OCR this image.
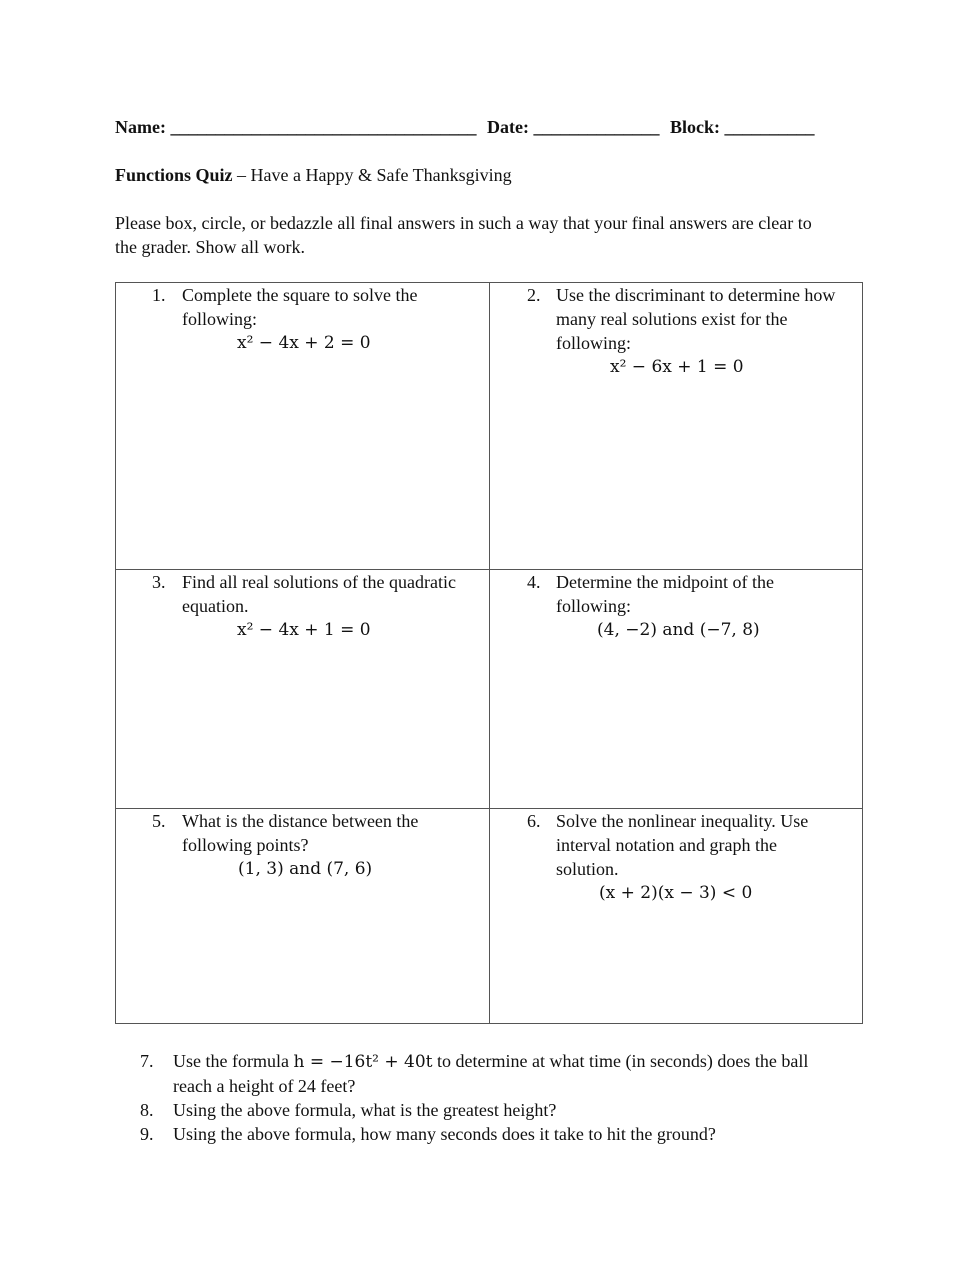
Name: __________________________________ Date: ______________ Block: __________
Functions Quiz – Have a Happy & Safe Thanksgiving
Please box, circle, or bedazzle all final answers in such a way that your final answers are clear to
the grader. Show all work.
1. Complete the square to solve the
following:
x² − 4x + 2 = 0
2. Use the discriminant to determine how
many real solutions exist for the
following:
x² − 6x + 1 = 0
3. Find all real solutions of the quadratic
equation.
x² − 4x + 1 = 0
4. Determine the midpoint of the
following:
(4, −2) and (−7, 8)
5. What is the distance between the
following points?
(1, 3) and (7, 6)
6. Solve the nonlinear inequality. Use
interval notation and graph the
solution.
(x + 2)(x − 3) < 0
7. Use the formula h = −16t² + 40t to determine at what time (in seconds) does the ball
reach a height of 24 feet?
8. Using the above formula, what is the greatest height?
9. Using the above formula, how many seconds does it take to hit the ground?
